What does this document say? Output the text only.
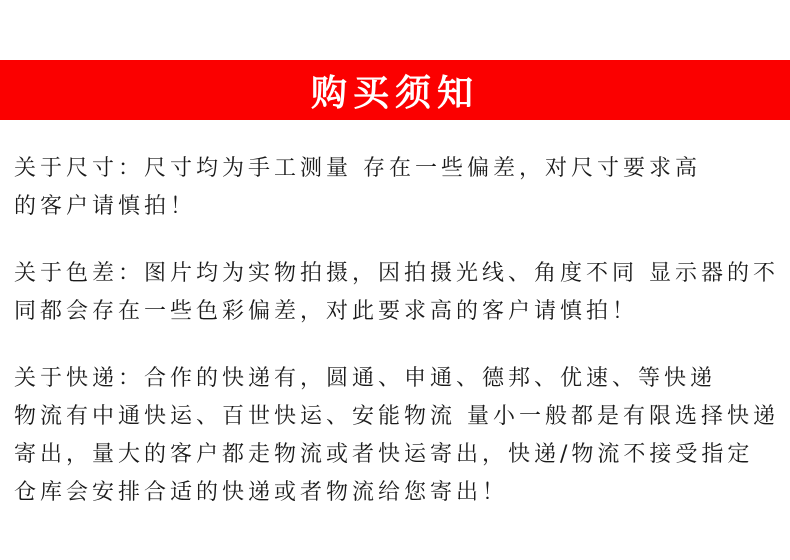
购买须知
关于尺寸：尺寸均为手工测量 存在一些偏差，对尺寸要求高
的客户请慎拍！
关于色差：图片均为实物拍摄，因拍摄光线、角度不同 显示器的不
同都会存在一些色彩偏差，对此要求高的客户请慎拍！
关于快递：合作的快递有，圆通、申通、德邦、优速、等快递
物流有中通快运、百世快运、安能物流 量小一般都是有限选择快递
寄出，量大的客户都走物流或者快运寄出，快递/物流不接受指定
仓库会安排合适的快递或者物流给您寄出！
